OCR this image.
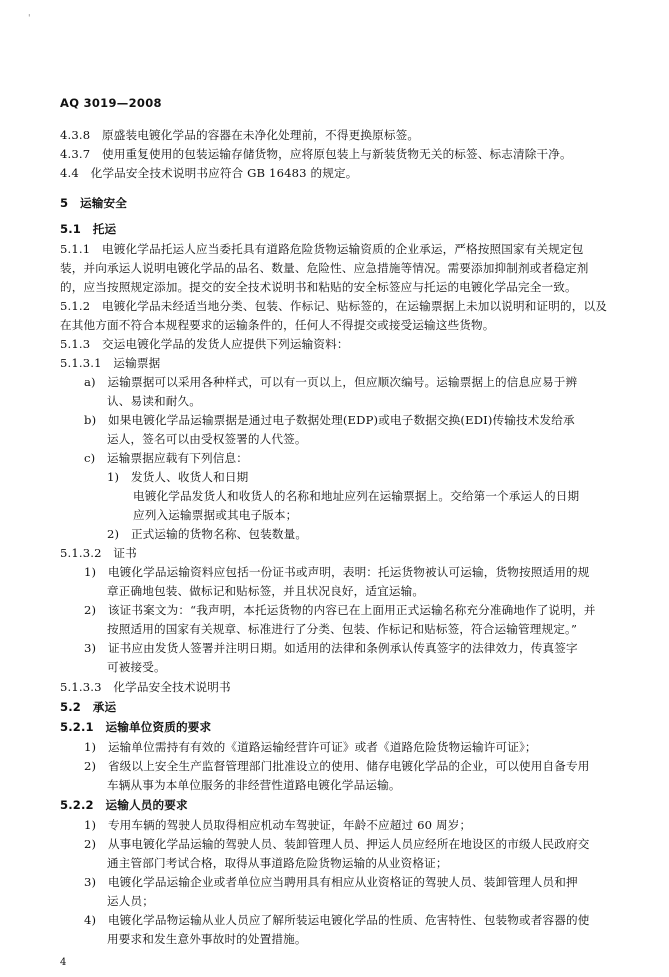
'
AQ 3019—2008
4.3.8　原盛装电镀化学品的容器在未净化处理前，不得更换原标签。
4.3.7　使用重复使用的包装运输存储货物，应将原包装上与新装货物无关的标签、标志清除干净。
4.4　化学品安全技术说明书应符合 GB 16483 的规定。
5　运输安全
5.1　托运
5.1.1　电镀化学品托运人应当委托具有道路危险货物运输资质的企业承运，严格按照国家有关规定包
装，并向承运人说明电镀化学品的品名、数量、危险性、应急措施等情况。需要添加抑制剂或者稳定剂
的，应当按照规定添加。提交的安全技术说明书和粘贴的安全标签应与托运的电镀化学品完全一致。
5.1.2　电镀化学品未经适当地分类、包装、作标记、贴标签的，在运输票据上未加以说明和证明的，以及
在其他方面不符合本规程要求的运输条件的，任何人不得提交或接受运输这些货物。
5.1.3　交运电镀化学品的发货人应提供下列运输资料：
5.1.3.1　运输票据
a)　运输票据可以采用各种样式，可以有一页以上，但应顺次编号。运输票据上的信息应易于辨
认、易读和耐久。
b)　如果电镀化学品运输票据是通过电子数据处理(EDP)或电子数据交换(EDI)传输技术发给承
运人，签名可以由受权签署的人代签。
c)　运输票据应载有下列信息：
1)　发货人、收货人和日期
电镀化学品发货人和收货人的名称和地址应列在运输票据上。交给第一个承运人的日期
应列入运输票据或其电子版本；
2)　正式运输的货物名称、包装数量。
5.1.3.2　证书
1)　电镀化学品运输资料应包括一份证书或声明，表明：托运货物被认可运输，货物按照适用的规
章正确地包装、做标记和贴标签，并且状况良好，适宜运输。
2)　该证书案文为：“我声明，本托运货物的内容已在上面用正式运输名称充分准确地作了说明，并
按照适用的国家有关规章、标准进行了分类、包装、作标记和贴标签，符合运输管理规定。”
3)　证书应由发货人签署并注明日期。如适用的法律和条例承认传真签字的法律效力，传真签字
可被接受。
5.1.3.3　化学品安全技术说明书
5.2　承运
5.2.1　运输单位资质的要求
1)　运输单位需持有有效的《道路运输经营许可证》或者《道路危险货物运输许可证》；
2)　省级以上安全生产监督管理部门批准设立的使用、储存电镀化学品的企业，可以使用自备专用
车辆从事为本单位服务的非经营性道路电镀化学品运输。
5.2.2　运输人员的要求
1)　专用车辆的驾驶人员取得相应机动车驾驶证，年龄不应超过 60 周岁；
2)　从事电镀化学品运输的驾驶人员、装卸管理人员、押运人员应经所在地设区的市级人民政府交
通主管部门考试合格，取得从事道路危险货物运输的从业资格证；
3)　电镀化学品运输企业或者单位应当聘用具有相应从业资格证的驾驶人员、装卸管理人员和押
运人员；
4)　电镀化学品物运输从业人员应了解所装运电镀化学品的性质、危害特性、包装物或者容器的使
用要求和发生意外事故时的处置措施。
4
